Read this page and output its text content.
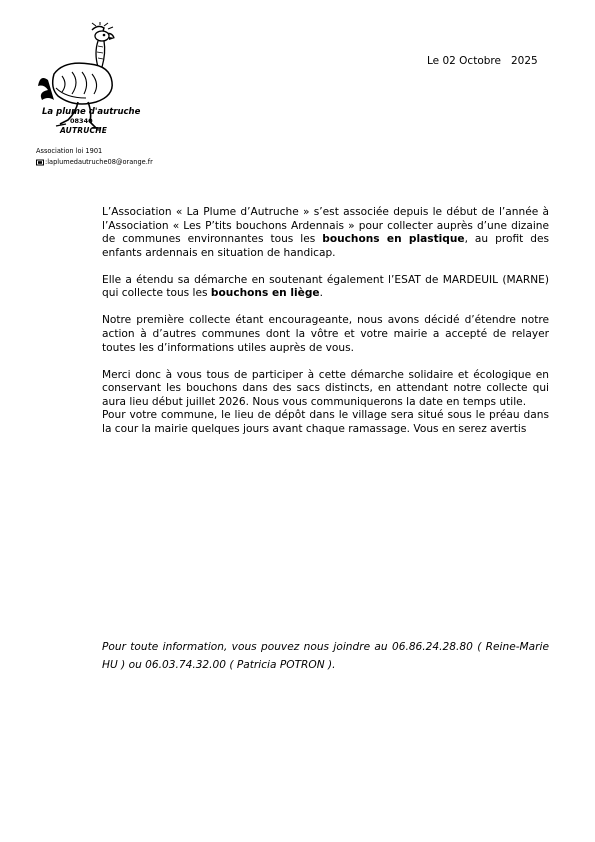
La plume d'autruche
08340
AUTRUCHE
Le 02 Octobre   2025
Association loi 1901
:laplumedautruche08@orange.fr

L’Association « La Plume d’Autruche » s’est associée depuis le début de l’année à l’Association « Les P’tits bouchons Ardennais » pour collecter auprès d’une dizaine de communes environnantes tous les bouchons en plastique, au profit des enfants ardennais en situation de handicap.

Elle a étendu sa démarche en soutenant également l’ESAT de MARDEUIL (MARNE) qui collecte tous les bouchons en liège.

Notre première collecte étant encourageante, nous avons décidé d’étendre notre action à d’autres communes dont la vôtre et votre mairie a accepté de relayer toutes les d’informations utiles auprès de vous.

Merci donc à vous tous de participer à cette démarche solidaire et écologique en conservant les bouchons dans des sacs distincts, en attendant notre collecte qui aura lieu début juillet 2026. Nous vous communiquerons la date en temps utile.

Pour votre commune, le lieu de dépôt dans le village sera situé sous le préau dans la cour la mairie quelques jours avant chaque ramassage. Vous en serez avertis

Pour toute information, vous pouvez nous joindre au 06.86.24.28.80 ( Reine-Marie HU ) ou 06.03.74.32.00 ( Patricia POTRON ).
